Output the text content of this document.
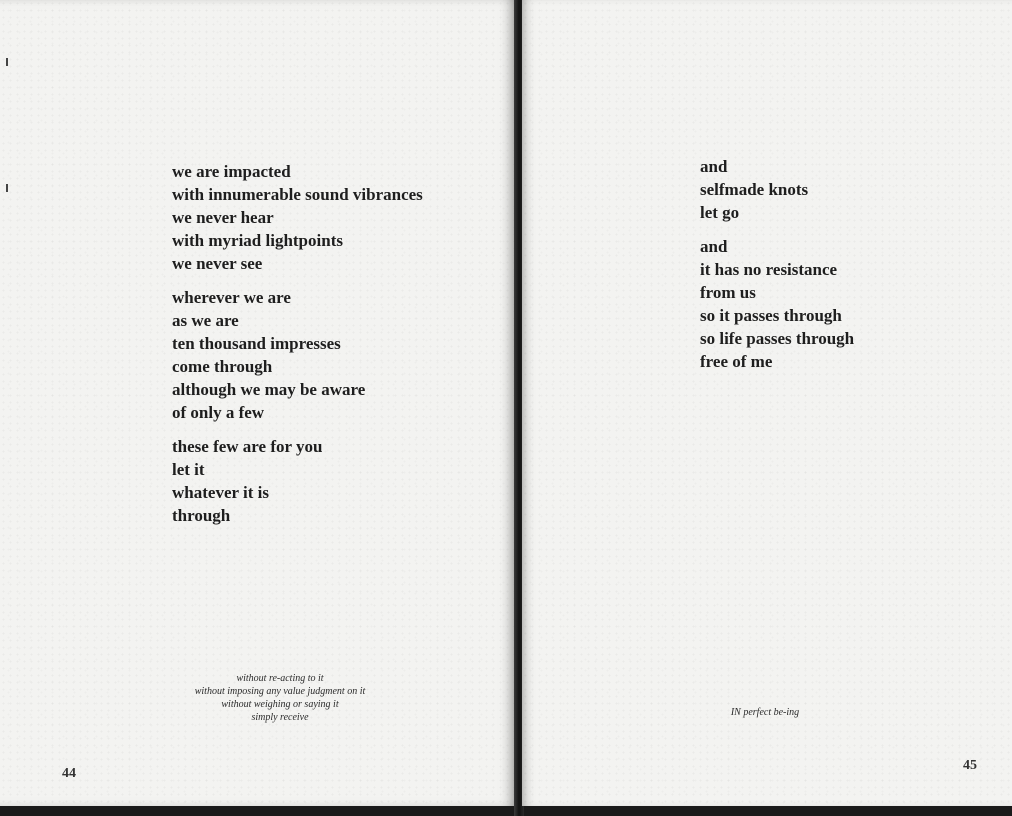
we are impacted
with innumerable sound vibrances
we never hear
with myriad lightpoints
we never see
wherever we are
as we are
ten thousand impresses
come through
although we may be aware
of only a few
these few are for you
let it
whatever it is
through
without re-acting to it
without imposing any value judgment on it
without weighing or saying it
simply receive
44
and
selfmade knots
let go
and
it has no resistance
from us
so it passes through
so life passes through
free of me
IN perfect be-ing
45
